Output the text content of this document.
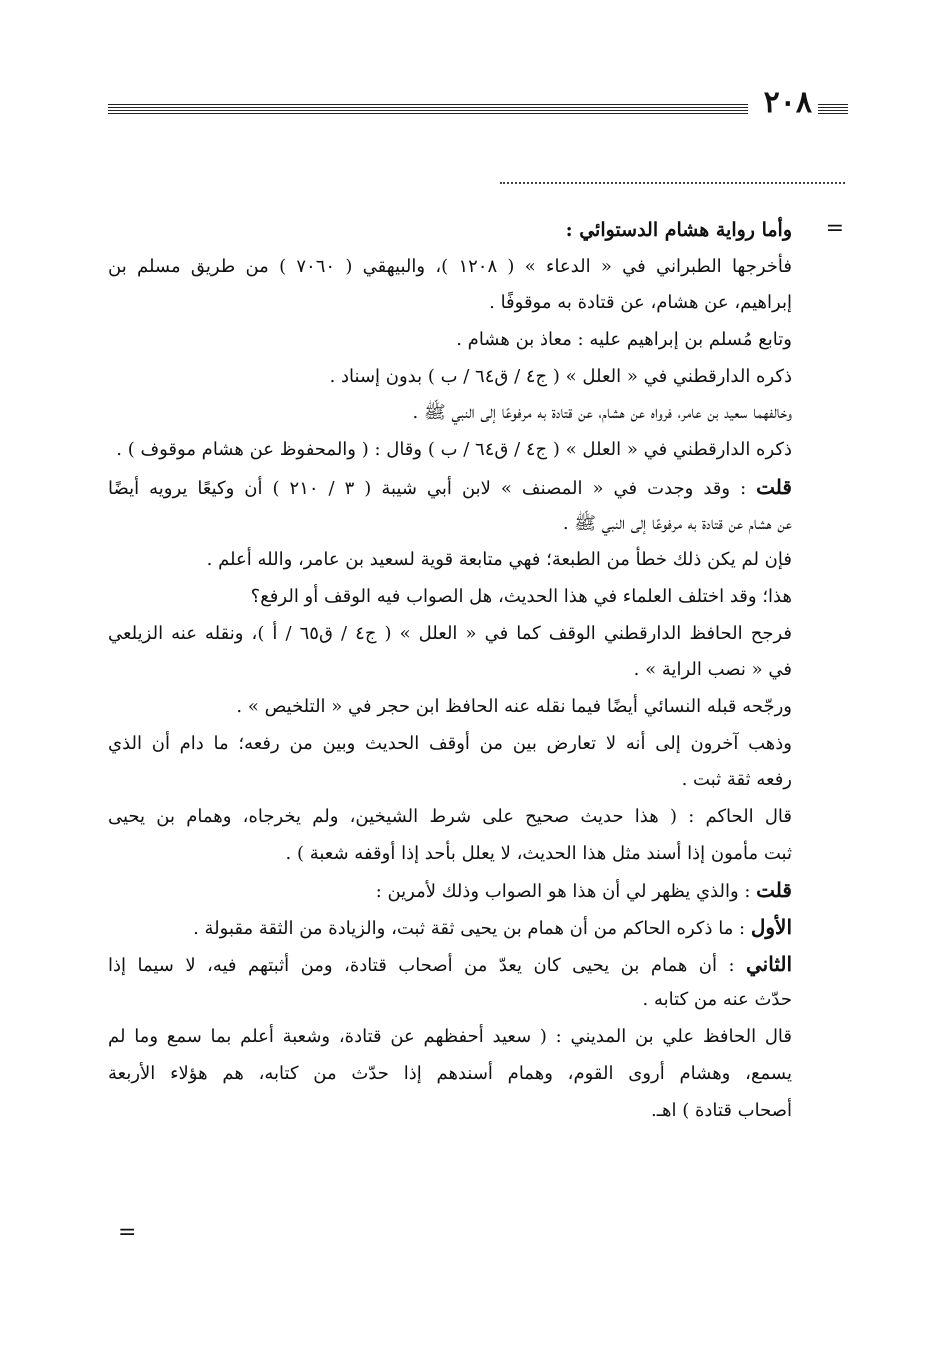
٢٠٨
=
=
وأما رواية هشام الدستوائي :
فأخرجها الطبراني في « الدعاء » ( ١٢٠٨ )، والبيهقي ( ٧٠٦٠ ) من طريق مسلم بن
إبراهيم، عن هشام، عن قتادة به موقوفًا .
وتابع مُسلم بن إبراهيم عليه : معاذ بن هشام .
ذكره الدارقطني في « العلل » ( ج٤ / ق٦٤ / ب ) بدون إسناد .
وخالفهما سعيد بن عامر، فرواه عن هشام، عن قتادة به مرفوعًا إلى النبي ﷺ .
ذكره الدارقطني في « العلل » ( ج٤ / ق٦٤ / ب ) وقال : ( والمحفوظ عن هشام موقوف ) .
قلت : وقد وجدت في « المصنف » لابن أبي شيبة ( ٣ / ٢١٠ ) أن وكيعًا يرويه أيضًا
عن هشام عن قتادة به مرفوعًا إلى النبي ﷺ .
فإن لم يكن ذلك خطأ من الطبعة؛ فهي متابعة قوية لسعيد بن عامر، والله أعلم .
هذا؛ وقد اختلف العلماء في هذا الحديث، هل الصواب فيه الوقف أو الرفع؟
فرجح الحافظ الدارقطني الوقف كما في « العلل » ( ج٤ / ق٦٥ / أ )، ونقله عنه الزيلعي
في « نصب الراية » .
ورجّحه قبله النسائي أيضًا فيما نقله عنه الحافظ ابن حجر في « التلخيص » .
وذهب آخرون إلى أنه لا تعارض بين من أوقف الحديث وبين من رفعه؛ ما دام أن الذي
رفعه ثقة ثبت .
قال الحاكم : ( هذا حديث صحيح على شرط الشيخين، ولم يخرجاه، وهمام بن يحيى
ثبت مأمون إذا أسند مثل هذا الحديث، لا يعلل بأحد إذا أوقفه شعبة ) .
قلت : والذي يظهر لي أن هذا هو الصواب وذلك لأمرين :
الأول : ما ذكره الحاكم من أن همام بن يحيى ثقة ثبت، والزيادة من الثقة مقبولة .
الثاني : أن همام بن يحيى كان يعدّ من أصحاب قتادة، ومن أثبتهم فيه، لا سيما إذا
حدّث عنه من كتابه .
قال الحافظ علي بن المديني : ( سعيد أحفظهم عن قتادة، وشعبة أعلم بما سمع وما لم
يسمع، وهشام أروى القوم، وهمام أسندهم إذا حدّث من كتابه، هم هؤلاء الأربعة
أصحاب قتادة ) اهـ.
